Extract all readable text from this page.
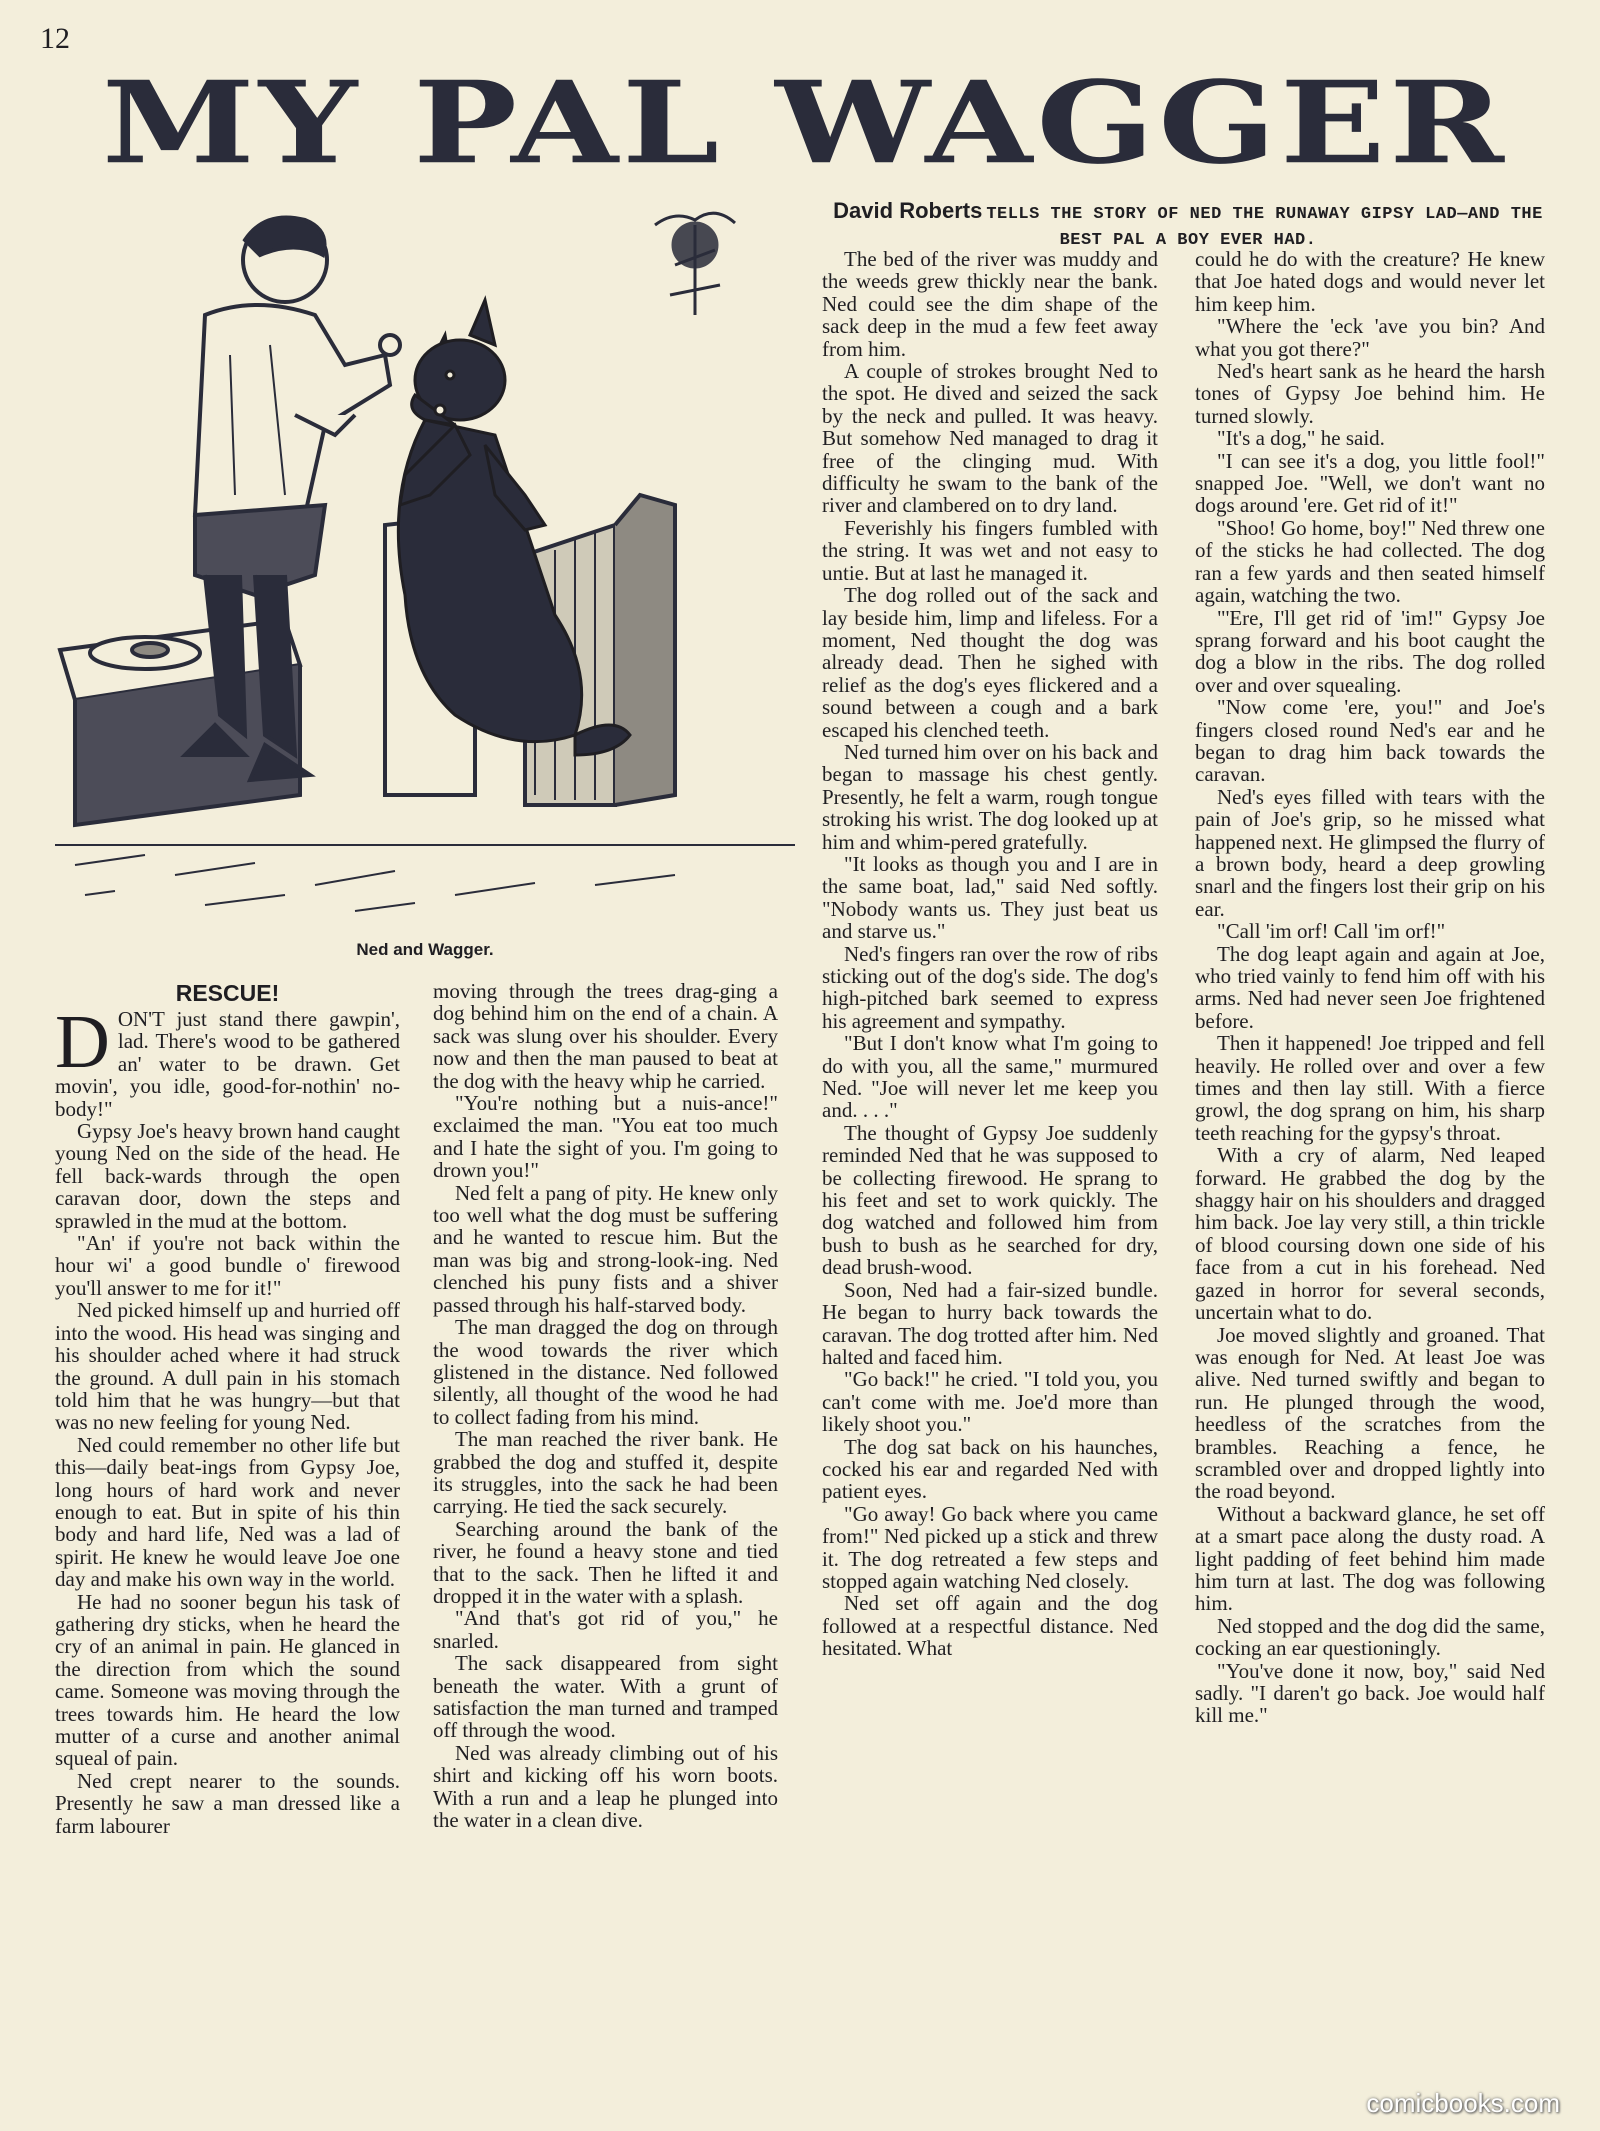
12
MY PAL WAGGER
Ned and Wagger.
David Roberts TELLS THE STORY OF NED THE RUNAWAY GIPSY LAD—AND THE BEST PAL A BOY EVER HAD.
RESCUE!

DON'T just stand there gawpin', lad. There's wood to be gathered an' water to be drawn. Get movin', you idle, good-for-nothin' no-body!"

Gypsy Joe's heavy brown hand caught young Ned on the side of the head. He fell back-wards through the open caravan door, down the steps and sprawled in the mud at the bottom.

"An' if you're not back within the hour wi' a good bundle o' firewood you'll answer to me for it!"

Ned picked himself up and hurried off into the wood. His head was singing and his shoulder ached where it had struck the ground. A dull pain in his stomach told him that he was hungry—but that was no new feeling for young Ned.

Ned could remember no other life but this—daily beat-ings from Gypsy Joe, long hours of hard work and never enough to eat. But in spite of his thin body and hard life, Ned was a lad of spirit. He knew he would leave Joe one day and make his own way in the world.

He had no sooner begun his task of gathering dry sticks, when he heard the cry of an animal in pain. He glanced in the direction from which the sound came. Someone was moving through the trees towards him. He heard the low mutter of a curse and another animal squeal of pain.

Ned crept nearer to the sounds. Presently he saw a man dressed like a farm labourer

moving through the trees drag-ging a dog behind him on the end of a chain. A sack was slung over his shoulder. Every now and then the man paused to beat at the dog with the heavy whip he carried.

"You're nothing but a nuis-ance!" exclaimed the man. "You eat too much and I hate the sight of you. I'm going to drown you!"

Ned felt a pang of pity. He knew only too well what the dog must be suffering and he wanted to rescue him. But the man was big and strong-look-ing. Ned clenched his puny fists and a shiver passed through his half-starved body.

The man dragged the dog on through the wood towards the river which glistened in the distance. Ned followed silently, all thought of the wood he had to collect fading from his mind.

The man reached the river bank. He grabbed the dog and stuffed it, despite its struggles, into the sack he had been carrying. He tied the sack securely.

Searching around the bank of the river, he found a heavy stone and tied that to the sack. Then he lifted it and dropped it in the water with a splash.

"And that's got rid of you," he snarled.

The sack disappeared from sight beneath the water. With a grunt of satisfaction the man turned and tramped off through the wood.

Ned was already climbing out of his shirt and kicking off his worn boots. With a run and a leap he plunged into the water in a clean dive.

The bed of the river was muddy and the weeds grew thickly near the bank. Ned could see the dim shape of the sack deep in the mud a few feet away from him.

A couple of strokes brought Ned to the spot. He dived and seized the sack by the neck and pulled. It was heavy. But somehow Ned managed to drag it free of the clinging mud. With difficulty he swam to the bank of the river and clambered on to dry land.

Feverishly his fingers fumbled with the string. It was wet and not easy to untie. But at last he managed it.

The dog rolled out of the sack and lay beside him, limp and lifeless. For a moment, Ned thought the dog was already dead. Then he sighed with relief as the dog's eyes flickered and a sound between a cough and a bark escaped his clenched teeth.

Ned turned him over on his back and began to massage his chest gently. Presently, he felt a warm, rough tongue stroking his wrist. The dog looked up at him and whim-pered gratefully.

"It looks as though you and I are in the same boat, lad," said Ned softly. "Nobody wants us. They just beat us and starve us."

Ned's fingers ran over the row of ribs sticking out of the dog's side. The dog's high-pitched bark seemed to express his agreement and sympathy.

"But I don't know what I'm going to do with you, all the same," murmured Ned. "Joe will never let me keep you and. . . ."

The thought of Gypsy Joe suddenly reminded Ned that he was supposed to be collecting firewood. He sprang to his feet and set to work quickly. The dog watched and followed him from bush to bush as he searched for dry, dead brush-wood.

Soon, Ned had a fair-sized bundle. He began to hurry back towards the caravan. The dog trotted after him. Ned halted and faced him.

"Go back!" he cried. "I told you, you can't come with me. Joe'd more than likely shoot you."

The dog sat back on his haunches, cocked his ear and regarded Ned with patient eyes.

"Go away! Go back where you came from!" Ned picked up a stick and threw it. The dog retreated a few steps and stopped again watching Ned closely.

Ned set off again and the dog followed at a respectful distance. Ned hesitated. What

could he do with the creature? He knew that Joe hated dogs and would never let him keep him.

"Where the 'eck 'ave you bin? And what you got there?"

Ned's heart sank as he heard the harsh tones of Gypsy Joe behind him. He turned slowly.

"It's a dog," he said.

"I can see it's a dog, you little fool!" snapped Joe. "Well, we don't want no dogs around 'ere. Get rid of it!"

"Shoo! Go home, boy!" Ned threw one of the sticks he had collected. The dog ran a few yards and then seated himself again, watching the two.

"'Ere, I'll get rid of 'im!" Gypsy Joe sprang forward and his boot caught the dog a blow in the ribs. The dog rolled over and over squealing.

"Now come 'ere, you!" and Joe's fingers closed round Ned's ear and he began to drag him back towards the caravan.

Ned's eyes filled with tears with the pain of Joe's grip, so he missed what happened next. He glimpsed the flurry of a brown body, heard a deep growling snarl and the fingers lost their grip on his ear.

"Call 'im orf! Call 'im orf!"

The dog leapt again and again at Joe, who tried vainly to fend him off with his arms. Ned had never seen Joe frightened before.

Then it happened! Joe tripped and fell heavily. He rolled over and over a few times and then lay still. With a fierce growl, the dog sprang on him, his sharp teeth reaching for the gypsy's throat.

With a cry of alarm, Ned leaped forward. He grabbed the dog by the shaggy hair on his shoulders and dragged him back. Joe lay very still, a thin trickle of blood coursing down one side of his face from a cut in his forehead. Ned gazed in horror for several seconds, uncertain what to do.

Joe moved slightly and groaned. That was enough for Ned. At least Joe was alive. Ned turned swiftly and began to run. He plunged through the wood, heedless of the scratches from the brambles. Reaching a fence, he scrambled over and dropped lightly into the road beyond.

Without a backward glance, he set off at a smart pace along the dusty road. A light padding of feet behind him made him turn at last. The dog was following him.

Ned stopped and the dog did the same, cocking an ear questioningly.

"You've done it now, boy," said Ned sadly. "I daren't go back. Joe would half kill me."

comicbooks.com
